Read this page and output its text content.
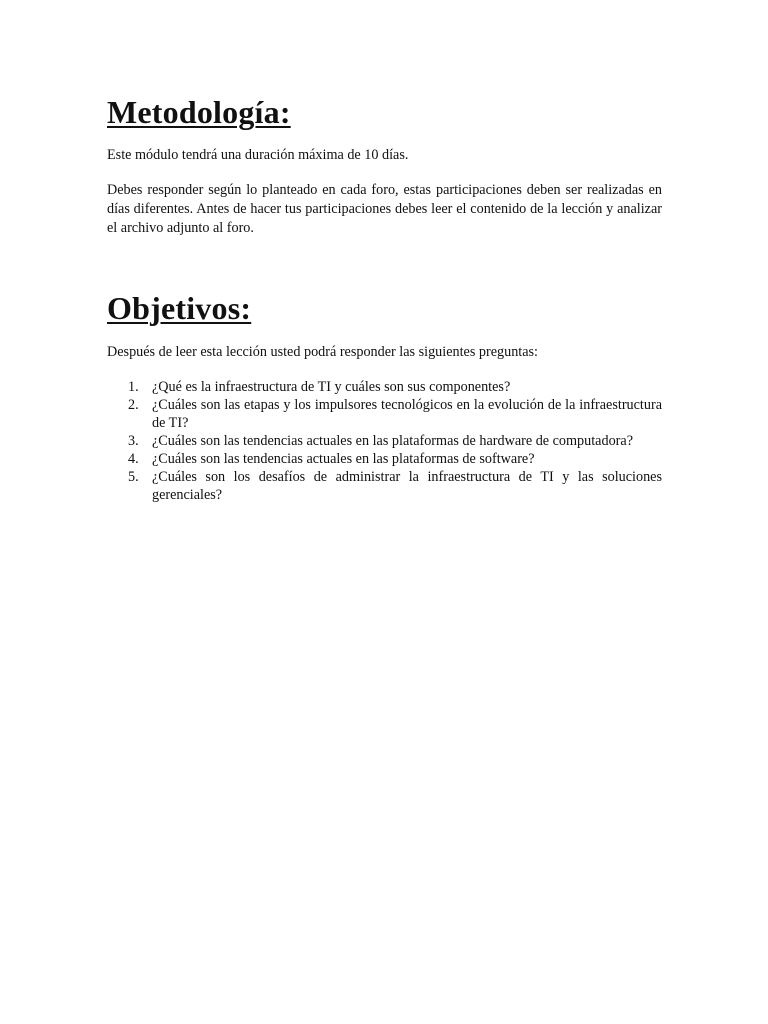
Metodología:

Este módulo tendrá una duración máxima de 10 días.

Debes responder según lo planteado en cada foro, estas participaciones deben ser realizadas en días diferentes. Antes de hacer tus participaciones debes leer el contenido de la lección y analizar el archivo adjunto al foro.

Objetivos:

Después de leer esta lección usted podrá responder las siguientes preguntas:

1. ¿Qué es la infraestructura de TI y cuáles son sus componentes?
2. ¿Cuáles son las etapas y los impulsores tecnológicos en la evolución de la infraestructura de TI?
3. ¿Cuáles son las tendencias actuales en las plataformas de hardware de computadora?
4. ¿Cuáles son las tendencias actuales en las plataformas de software?
5. ¿Cuáles son los desafíos de administrar la infraestructura de TI y las soluciones gerenciales?
